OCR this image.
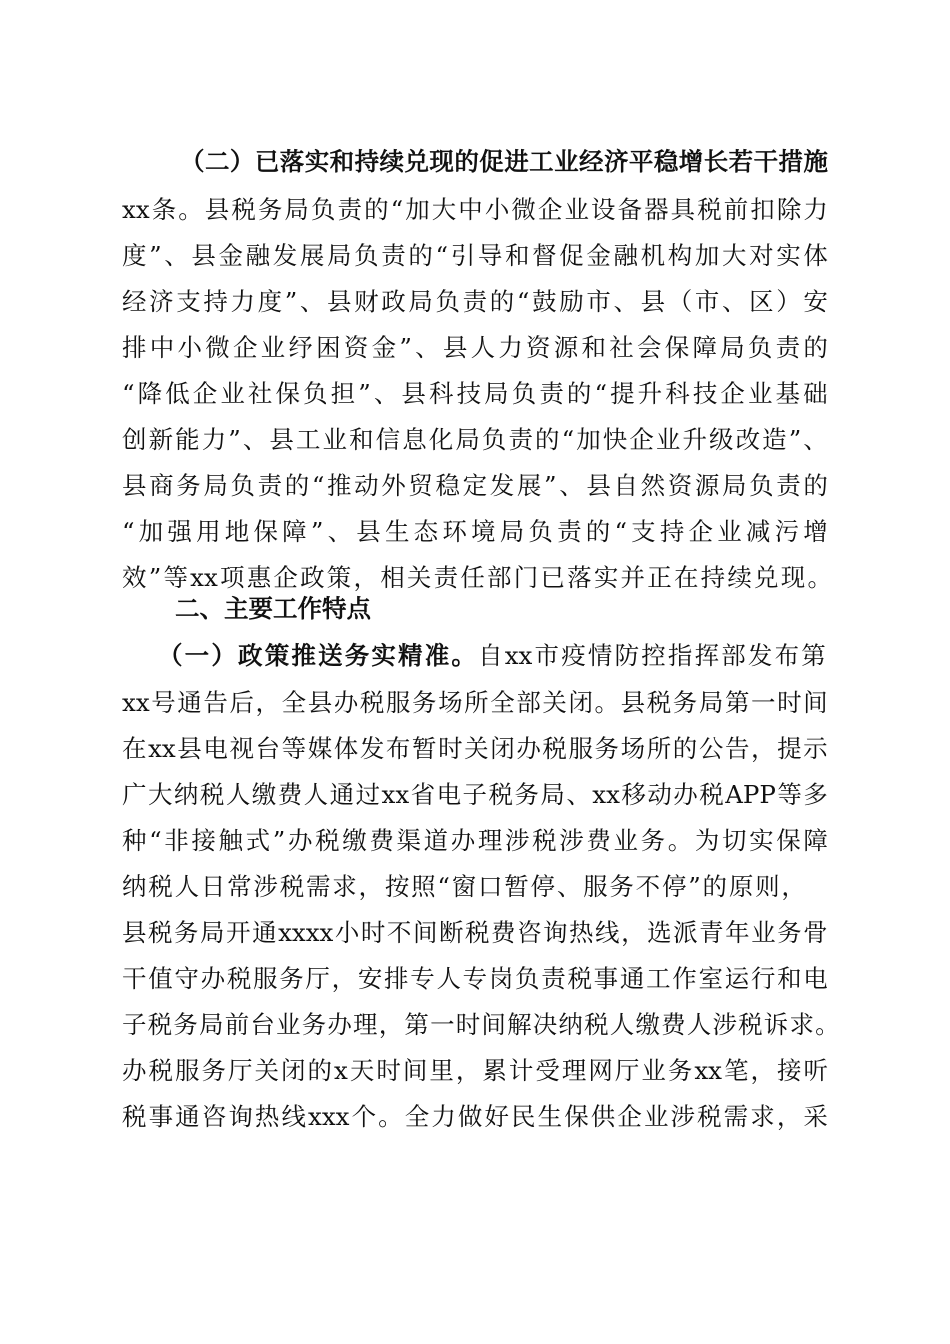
（ 二 ） 已 落 实 和 持 续 兑 现 的 促 进 工 业 经 济 平 稳 增 长 若 干 措 施
xx 条 。 县 税 务 局 负 责 的 “ 加 大 中 小 微 企 业 设 备 器 具 税 前 扣 除 力
度 ” 、 县 金 融 发 展 局 负 责 的 “ 引 导 和 督 促 金 融 机 构 加 大 对 实 体
经 济 支 持 力 度 ” 、 县 财 政 局 负 责 的 “ 鼓 励 市 、 县 （ 市 、 区 ） 安
排 中 小 微 企 业 纾 困 资 金 ” 、 县 人 力 资 源 和 社 会 保 障 局 负 责 的
“ 降 低 企 业 社 保 负 担 ” 、 县 科 技 局 负 责 的 “ 提 升 科 技 企 业 基 础
创 新 能 力 ” 、 县 工 业 和 信 息 化 局 负 责 的 “ 加 快 企 业 升 级 改 造 ” 、
县 商 务 局 负 责 的 “ 推 动 外 贸 稳 定 发 展 ” 、 县 自 然 资 源 局 负 责 的
“ 加 强 用 地 保 障 ” 、 县 生 态 环 境 局 负 责 的 “ 支 持 企 业 减 污 增
效 ” 等 xx 项 惠 企 政 策 ， 相 关 责 任 部 门 已 落 实 并 正 在 持 续 兑 现 。
二、主要工作特点
（ 一 ） 政 策 推 送 务 实 精 准 。 自 xx 市 疫 情 防 控 指 挥 部 发 布 第
xx 号 通 告 后 ， 全 县 办 税 服 务 场 所 全 部 关 闭 。 县 税 务 局 第 一 时 间
在 xx 县 电 视 台 等 媒 体 发 布 暂 时 关 闭 办 税 服 务 场 所 的 公 告 ， 提 示
广 大 纳 税 人 缴 费 人 通 过 xx 省 电 子 税 务 局 、 xx 移 动 办 税 APP 等 多
种 “ 非 接 触 式 ” 办 税 缴 费 渠 道 办 理 涉 税 涉 费 业 务 。 为 切 实 保 障
纳 税 人 日 常 涉 税 需 求 ， 按 照 “ 窗 口 暂 停 、 服 务 不 停 ” 的 原 则 ，
县 税 务 局 开 通 xxxx 小 时 不 间 断 税 费 咨 询 热 线 ， 选 派 青 年 业 务 骨
干 值 守 办 税 服 务 厅 ， 安 排 专 人 专 岗 负 责 税 事 通 工 作 室 运 行 和 电
子 税 务 局 前 台 业 务 办 理 ， 第 一 时 间 解 决 纳 税 人 缴 费 人 涉 税 诉 求 。
办 税 服 务 厅 关 闭 的 x 天 时 间 里 ， 累 计 受 理 网 厅 业 务 xx 笔 ， 接 听
税 事 通 咨 询 热 线 xxx 个 。 全 力 做 好 民 生 保 供 企 业 涉 税 需 求 ， 采
